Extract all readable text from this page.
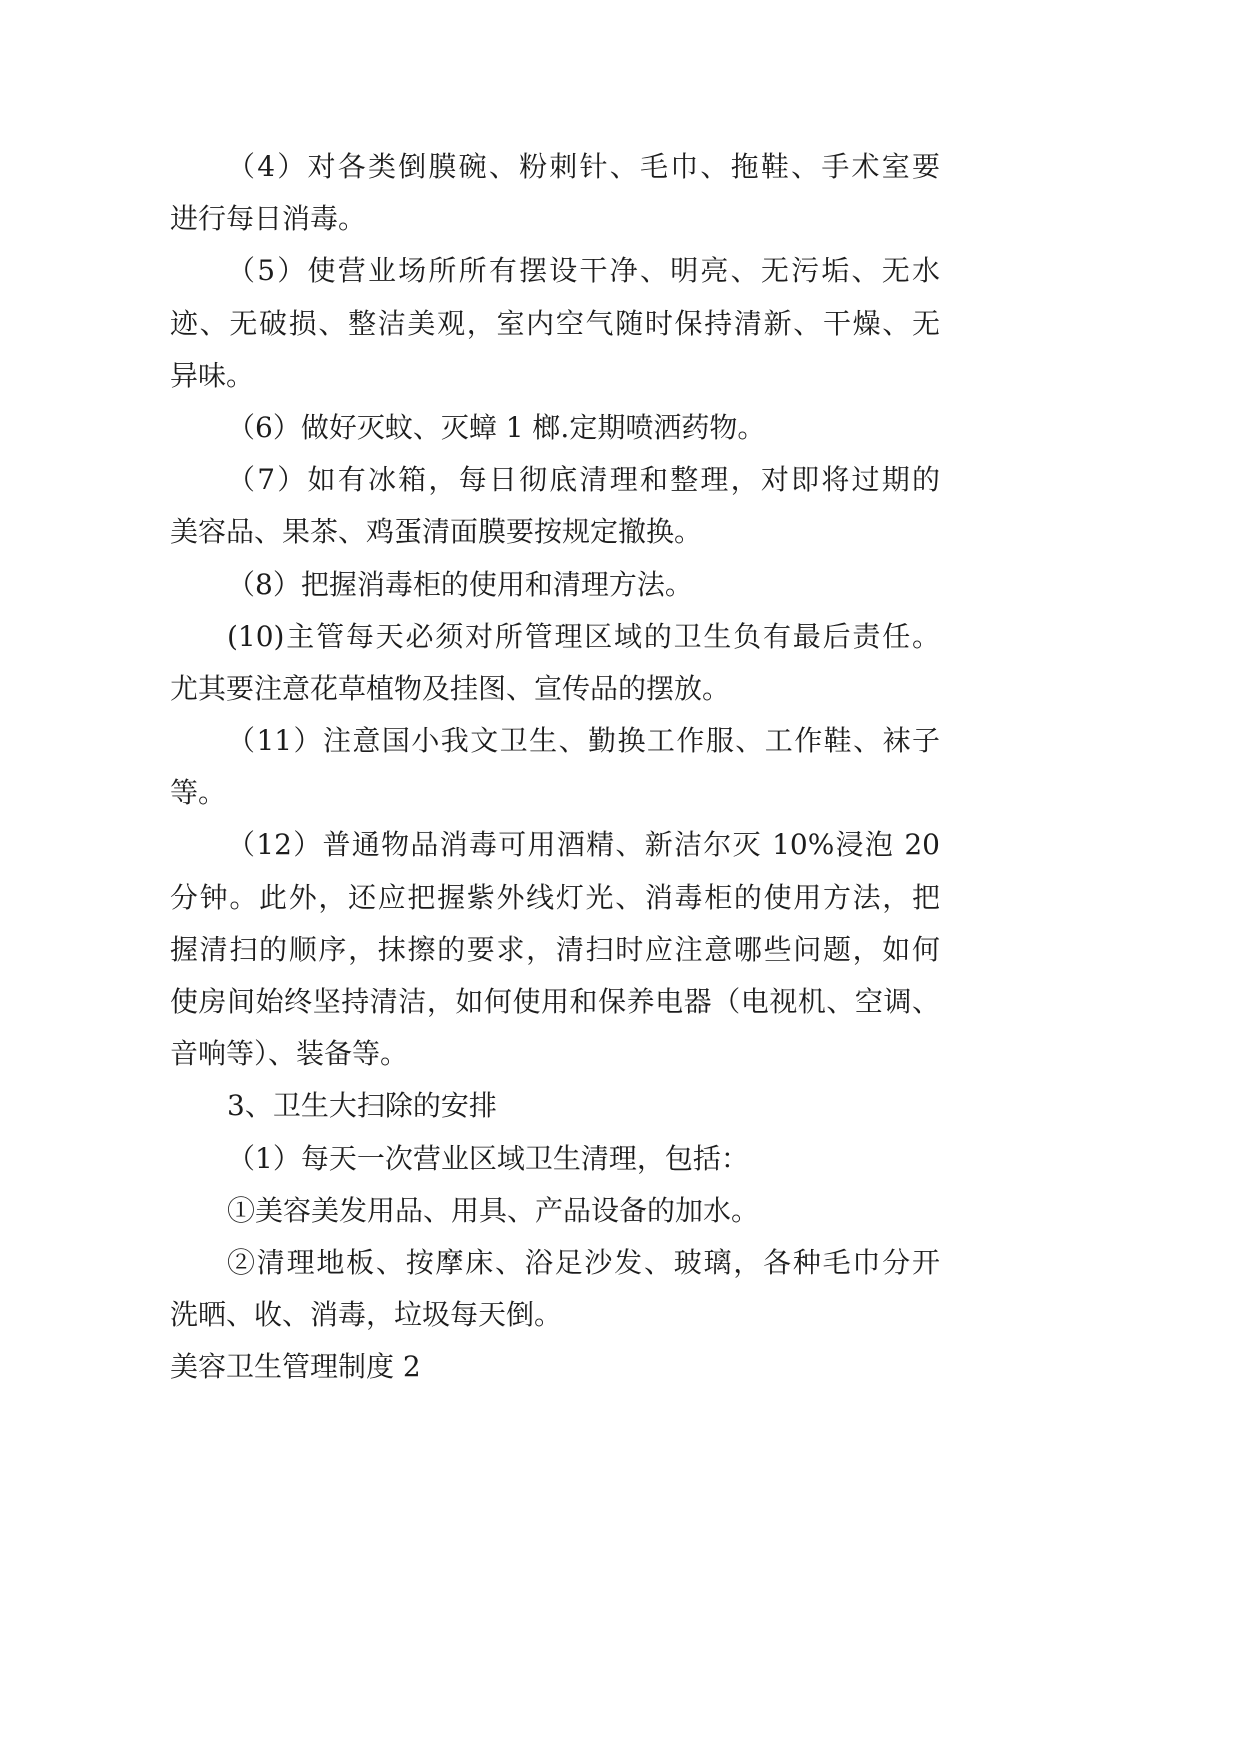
（4）对各类倒膜碗、粉刺针、毛巾、拖鞋、手术室要
进行每日消毒。

（5）使营业场所所有摆设干净、明亮、无污垢、无水
迹、无破损、整洁美观，室内空气随时保持清新、干燥、无
异味。

（6）做好灭蚊、灭蟑 1 榔.定期喷洒药物。

（7）如有冰箱，每日彻底清理和整理，对即将过期的
美容品、果茶、鸡蛋清面膜要按规定撤换。

（8）把握消毒柜的使用和清理方法。

(10)主管每天必须对所管理区域的卫生负有最后责任。
尤其要注意花草植物及挂图、宣传品的摆放。

（11）注意国小我文卫生、勤换工作服、工作鞋、袜子
等。

（12）普通物品消毒可用酒精、新洁尔灭 10%浸泡 20
分钟。此外，还应把握紫外线灯光、消毒柜的使用方法，把
握清扫的顺序，抹擦的要求，清扫时应注意哪些问题，如何
使房间始终坚持清洁，如何使用和保养电器（电视机、空调、
音响等）、装备等。

3、卫生大扫除的安排

（1）每天一次营业区域卫生清理，包括：

①美容美发用品、用具、产品设备的加水。

②清理地板、按摩床、浴足沙发、玻璃，各种毛巾分开
洗晒、收、消毒，垃圾每天倒。

美容卫生管理制度 2
